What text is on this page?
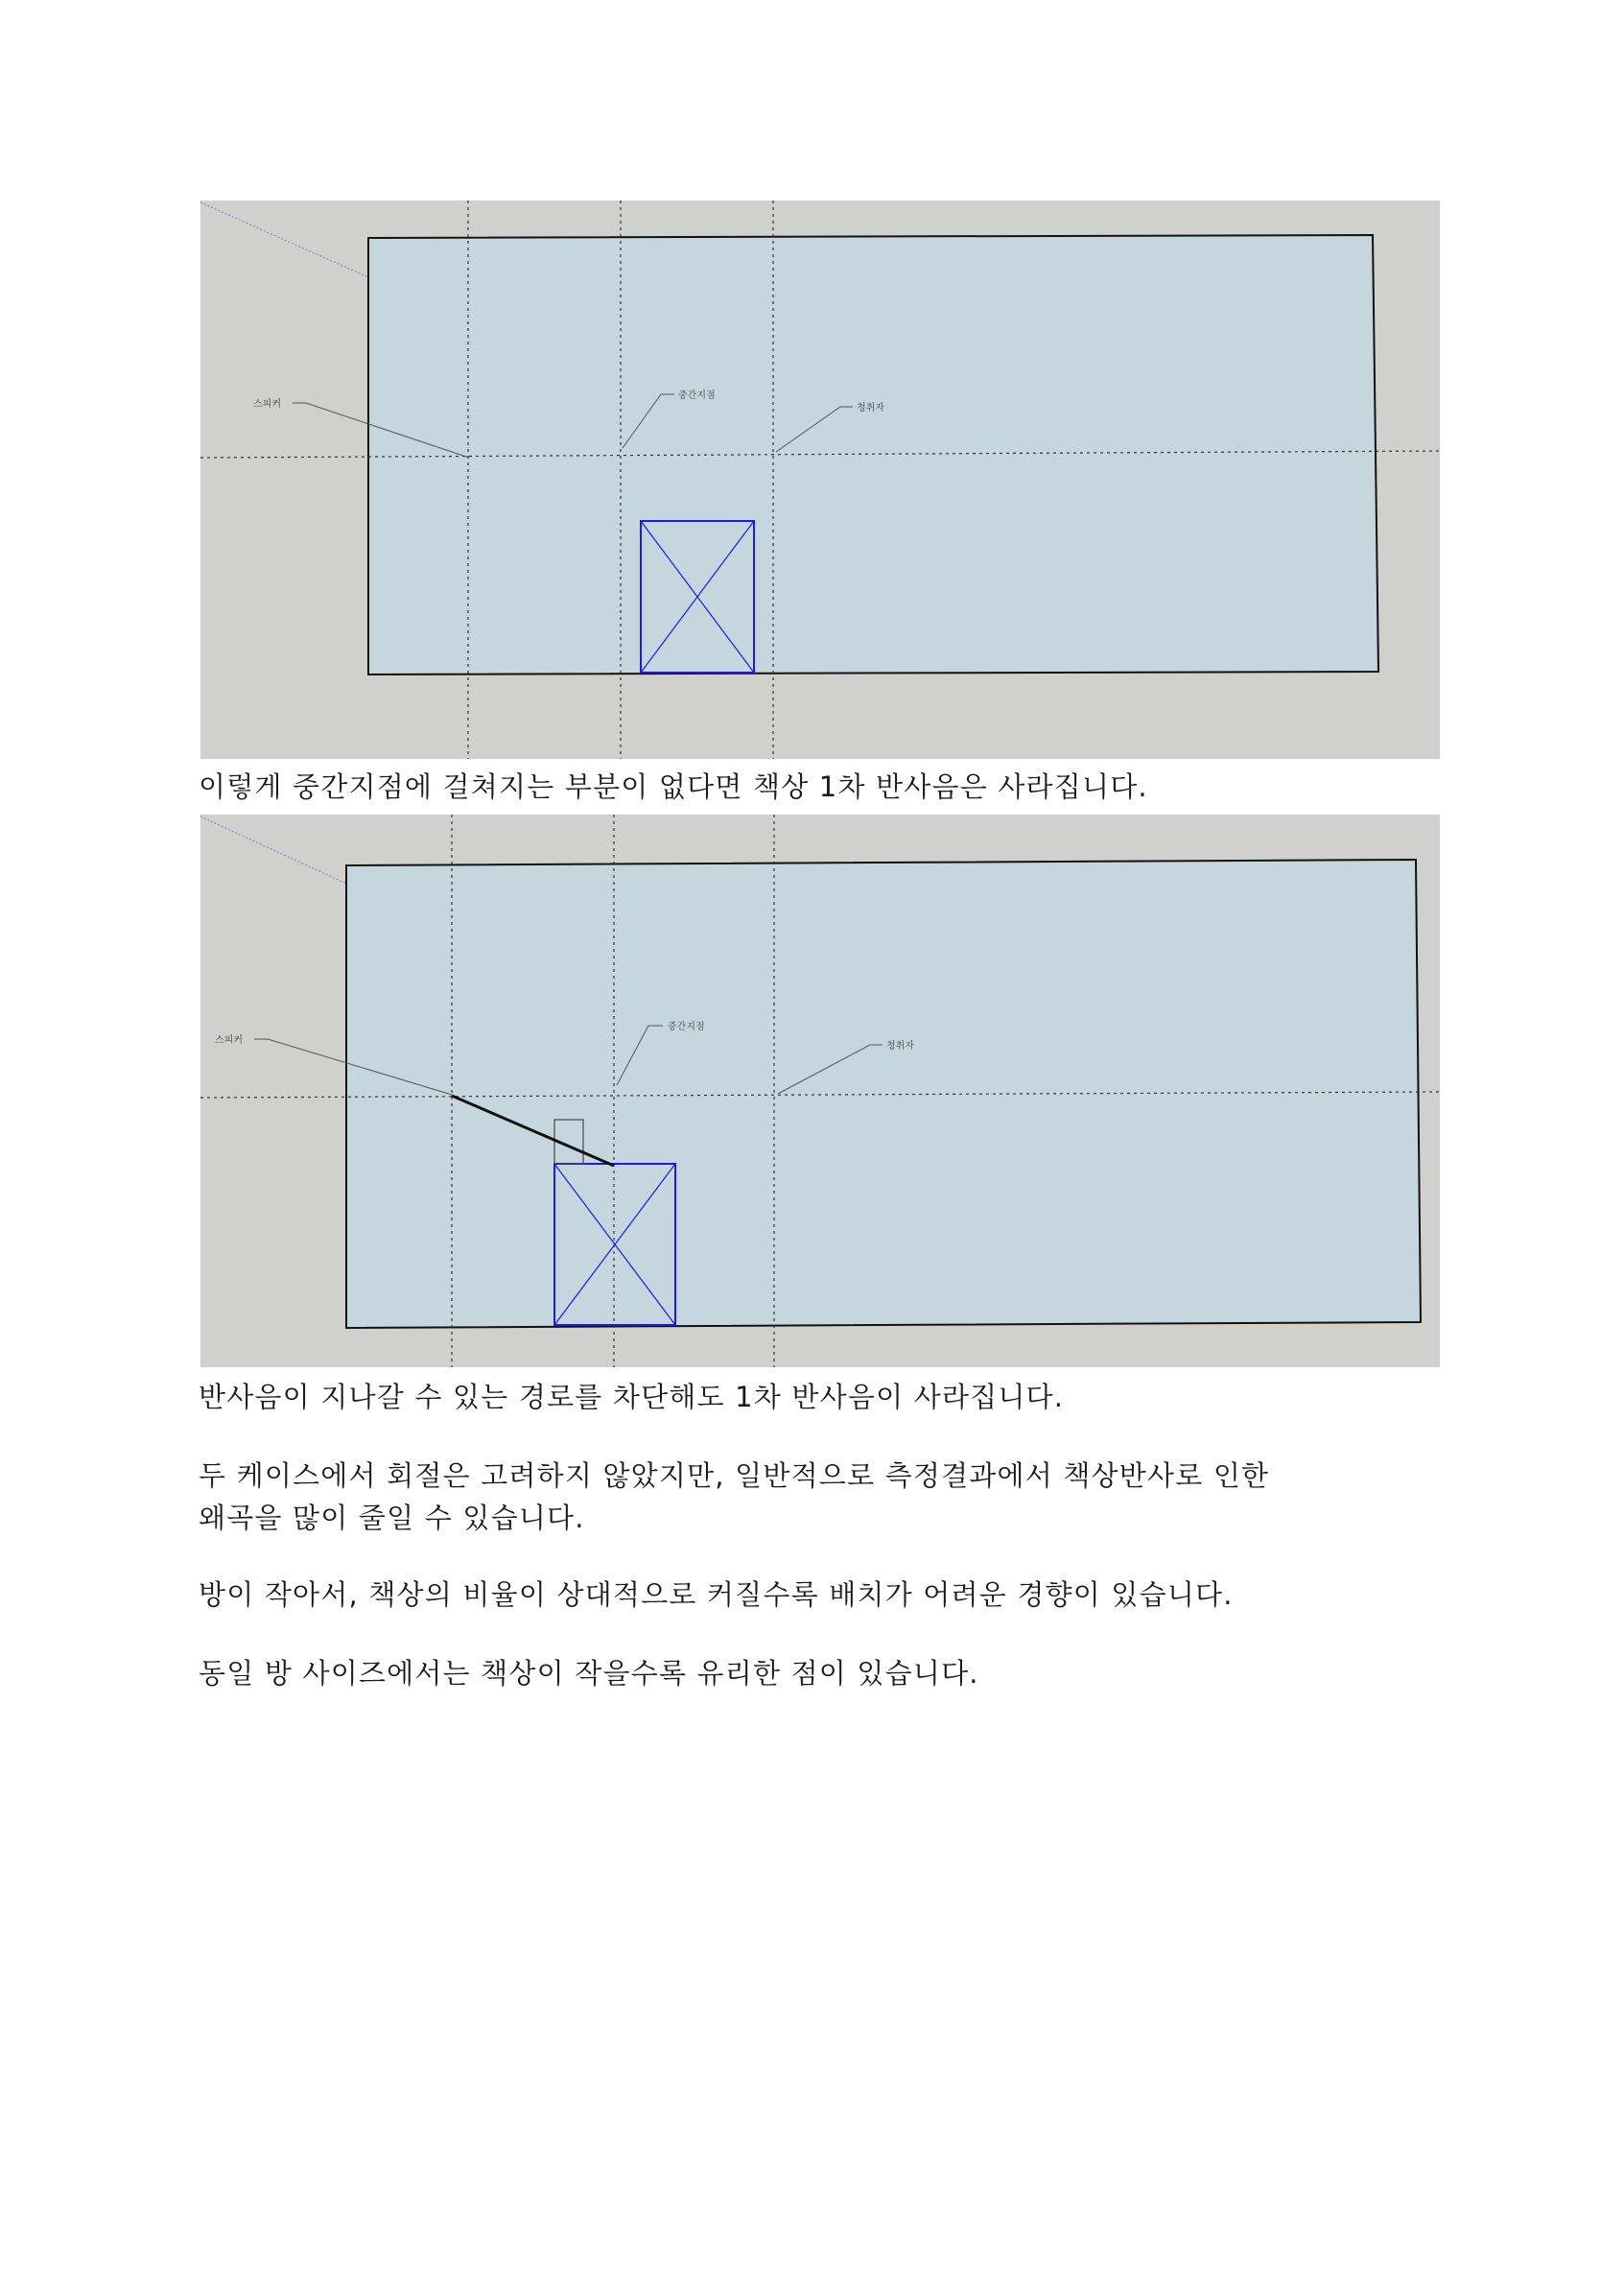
스피커
중간지점
청취자

이렇게 중간지점에 걸쳐지는 부분이 없다면 책상 1차 반사음은 사라집니다.

스피커
중간지점
청취자

반사음이 지나갈 수 있는 경로를 차단해도 1차 반사음이 사라집니다.

두 케이스에서 회절은 고려하지 않았지만, 일반적으로 측정결과에서 책상반사로 인한
왜곡을 많이 줄일 수 있습니다.

방이 작아서, 책상의 비율이 상대적으로 커질수록 배치가 어려운 경향이 있습니다.

동일 방 사이즈에서는 책상이 작을수록 유리한 점이 있습니다.
